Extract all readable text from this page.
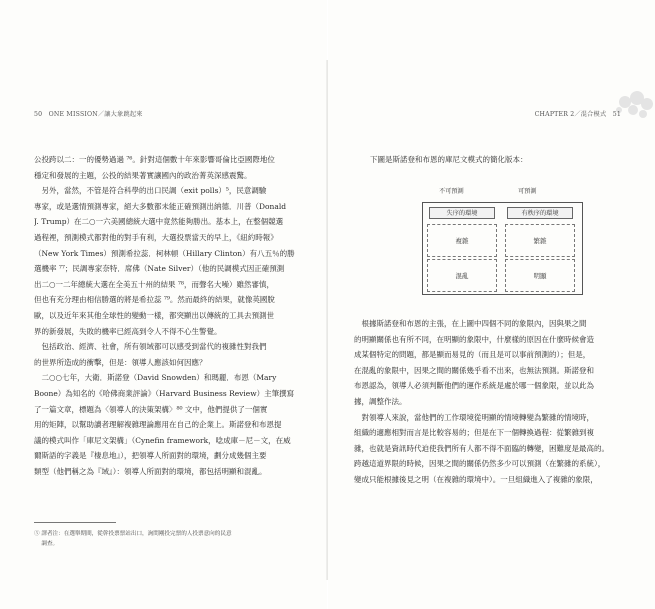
50　ONE MISSION／讓大象跳起來

公投跨以二：一的優勢過過 ⁷⁶。針對這個數十年來影響哥倫比亞國際地位
穩定和發展的主題，公投的結果著實讓國內的政治菁英深感震驚。

　另外，當然，不管是符合科學的出口民調（exit polls）⁵，民意調驗
專家，或是選情預測專家，絕大多數都未能正確預測出納德．川普（Donald
J. Trump）在二○一六美國總統大選中竟然能夠勝出。基本上，在整個競選
過程裡，預測模式都對他的對手有利，大選投票當天的早上，《紐約時報》
（New York Times）預測希拉蕊．柯林頓（Hillary Clinton）有八五％的勝
選機率 ⁷⁷；民調專家奈特．席佛（Nate Silver）（他的民調模式因正確預測
出二○一二年總統大選在全美五十州的結果 ⁷⁸，而聲名大噪）雖然審慎，
但也有充分理由相信勝選的將是希拉蕊 ⁷⁹。然而最終的結果，就像英國脫
歐，以及近年來其他全球性的變動一樣，都突顯出以傳統的工具去預測世
界的新發展，失敗的機率已經高到令人不得不心生警覺。

　包括政治、經濟、社會，所有領域都可以感受到當代的複雜性對我們
的世界所造成的衝擊，但是：領導人應該如何因應？

　二○○七年，大衛．斯諾登（David Snowden）和瑪麗．布恩（Mary
Boone）為知名的《哈佛商業評論》（Harvard Business Review）主筆撰寫
了一篇文章，標題為〈領導人的決策架構〉⁸⁰ 文中，他們提供了一個實
用的矩陣，以幫助讀者理解複雜理論應用在自己的企業上。斯諾登和布恩提
議的模式叫作「庫尼文架構」（Cynefin framework，唸成庫－尼－文，在威
爾斯語的字義是『棲息地』），把領導人所面對的環境，劃分成幾個主要
類型（他們稱之為『域』）：領導人所面對的環境，都包括明顯和混亂。

⑤ 譯者注：在選舉期間，從幹投票票站出口，詢問剛投完票的人投票意向的民意
　 調查。
CHAPTER 2／混合模式　51
下圖是斯諾登和布恩的庫尼文模式的簡化版本：
不可預測	可預測
失序的環境	有秩序的環境
複雜	繁雜
混亂	明顯

　根據斯諾登和布恩的主張，在上圖中四個不同的象限內，因與果之間
的明顯關係也有所不同，在明顯的象限中，什麼樣的原因在什麼時候會造
成某個特定的問題，都是顯而易見的（而且是可以事前預測的）；但是，
在混亂的象限中，因果之間的關係幾乎看不出來，也無法預測。斯諾登和
布恩認為，領導人必須判斷他們的運作系統是處於哪一個象限，並以此為
據，調整作法。

　對領導人來說，當他們的工作環境從明顯的情境轉變為繁雜的情境時，
組織的適應相對而言是比較容易的；但是在下一個轉換過程：從繁雜到複
雜，也就是資訊時代迫使我們所有人都不得不面臨的轉變，困難度是最高的。
跨越這道界限的時候，因果之間的關係仍然多少可以預測（在繁雜的系統），
變成只能根據後見之明（在複雜的環境中）。一旦組織進入了複雜的象限，
